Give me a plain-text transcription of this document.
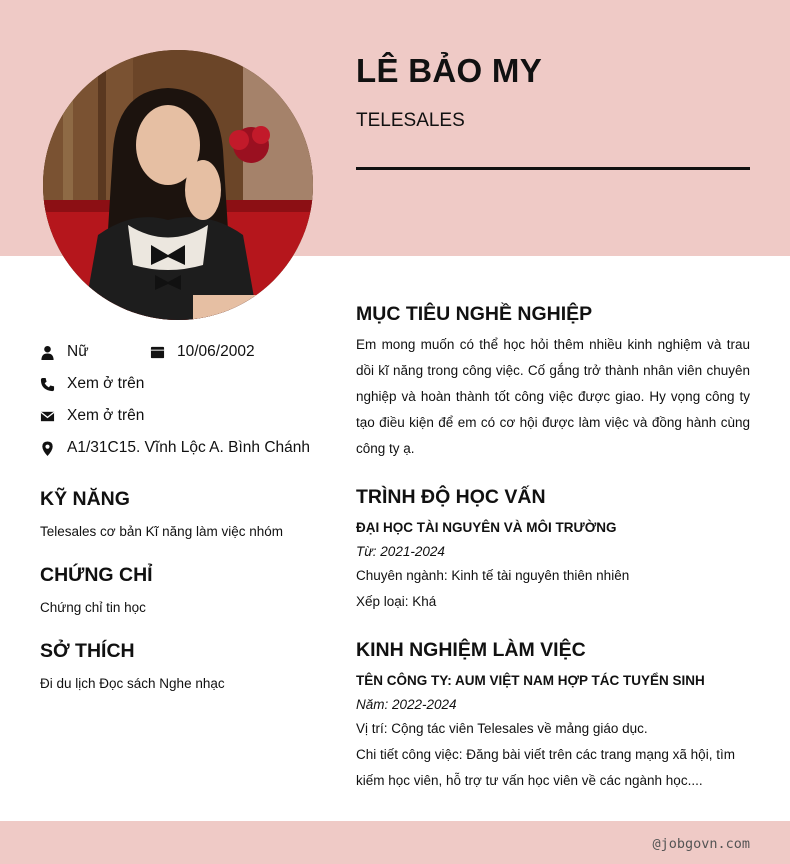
LÊ BẢO MY
TELESALES
Nữ	10/06/2002
Xem ở trên
Xem ở trên
A1/31C15. Vĩnh Lộc A. Bình Chánh
KỸ NĂNG
Telesales cơ bản Kĩ năng làm việc nhóm
CHỨNG CHỈ
Chứng chỉ tin học
SỞ THÍCH
Đi du lịch Đọc sách Nghe nhạc
MỤC TIÊU NGHỀ NGHIỆP
Em mong muốn có thể học hỏi thêm nhiều kinh nghiệm và trau dồi kĩ năng trong công việc. Cố gắng trở thành nhân viên chuyên nghiệp và hoàn thành tốt công việc được giao. Hy vọng công ty tạo điều kiện để em có cơ hội được làm việc và đồng hành cùng công ty ạ.
TRÌNH ĐỘ HỌC VẤN
ĐẠI HỌC TÀI NGUYÊN VÀ MÔI TRƯỜNG
Từ: 2021-2024
Chuyên ngành: Kinh tế tài nguyên thiên nhiên
Xếp loại: Khá
KINH NGHIỆM LÀM VIỆC
TÊN CÔNG TY: AUM VIỆT NAM HỢP TÁC TUYỂN SINH
Năm: 2022-2024
Vị trí: Cộng tác viên Telesales về mảng giáo dục.
Chi tiết công việc: Đăng bài viết trên các trang mạng xã hội, tìm kiếm học viên, hỗ trợ tư vấn học viên về các ngành học....
@jobgovn.com
